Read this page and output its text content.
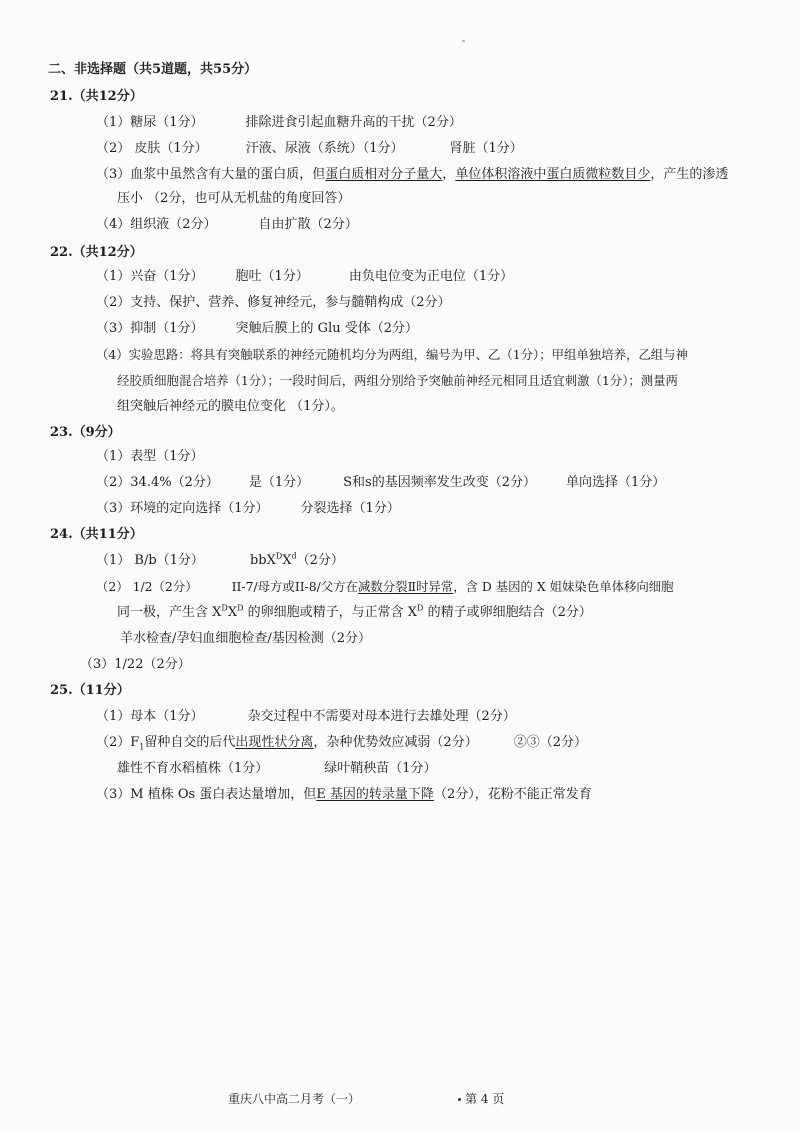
二、非选择题（共5道题，共55分）
21.（共12分）
（1）糖尿（1分）	排除进食引起血糖升高的干扰（2分）
（2） 皮肤（1分）	汗液、尿液（系统）（1分）	肾脏（1分）
（3）血浆中虽然含有大量的蛋白质，但蛋白质相对分子量大，单位体积溶液中蛋白质微粒数目少，产生的渗透
压小 （2分，也可从无机盐的角度回答）
（4）组织液（2分）	自由扩散（2分）
22.（共12分）
（1）兴奋（1分） 胞吐（1分）	由负电位变为正电位（1分）
（2）支持、保护、营养、修复神经元，参与髓鞘构成（2分）
（3）抑制（1分） 突触后膜上的 Glu 受体（2分）
（4）实验思路：将具有突触联系的神经元随机均分为两组，编号为甲、乙（1分）；甲组单独培养，乙组与神
经胶质细胞混合培养（1分）；一段时间后，两组分别给予突触前神经元相同且适宜刺激（1分）；测量两
组突触后神经元的膜电位变化 （1分）。
23.（9分）
（1）表型（1分）
（2）34.4%（2分） 是（1分）	S和s的基因频率发生改变（2分） 单向选择（1分）
（3）环境的定向选择（1分） 分裂选择（1分）
24.（共11分）
（1） B/b（1分）	$bbX^DX^d(2$分）
（2） 1/2（2分）	II-7/母方或II-8/父方在减数分裂Ⅱ时异常，含 D 基因的 X 姐妹染色单体移向细胞
同一极，产生含 $X^DX^D$ 的卵细胞或精子，与正常含 $X^D$ 的精子或卵细胞结合（2分）
羊水检查/孕妇血细胞检查/基因检测（2分）
（3）1/22（2分）
25.（11分）
（1）母本（1分）	杂交过程中不需要对母本进行去雄处理（2分）
$(2)F_1$留种自交的后代出现性状分离，杂种优势效应减弱（2分）	②③（2分）
雄性不育水稻植株（1分）	绿叶鞘秧苗（1分）
（3）M 植株 Os 蛋白表达量增加，但E 基因的转录量下降（2分），花粉不能正常发育
重庆八中高二月考（一）	第 4 页
